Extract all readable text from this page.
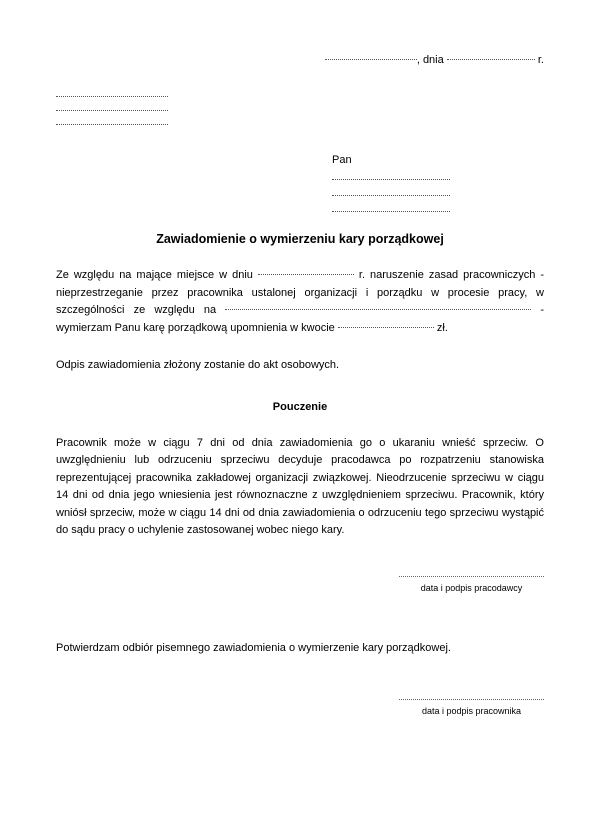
, dnia	r.

Pan

Zawiadomienie o wymierzeniu kary porządkowej
Ze względu na mające miejsce w dniu	r. naruszenie zasad pracowniczych - nieprzestrzeganie przez pracownika ustalonej organizacji i porządku w procesie pracy, w szczególności ze względu na	- wymierzam Panu karę porządkową upomnienia w kwocie	zł.
Odpis zawiadomienia złożony zostanie do akt osobowych.
Pouczenie
Pracownik może w ciągu 7 dni od dnia zawiadomienia go o ukaraniu wnieść sprzeciw. O uwzględnieniu lub odrzuceniu sprzeciwu decyduje pracodawca po rozpatrzeniu stanowiska reprezentującej pracownika zakładowej organizacji związkowej. Nieodrzucenie sprzeciwu w ciągu 14 dni od dnia jego wniesienia jest równoznaczne z uwzględnieniem sprzeciwu. Pracownik, który wniósł sprzeciw, może w ciągu 14 dni od dnia zawiadomienia o odrzuceniu tego sprzeciwu wystąpić do sądu pracy o uchylenie zastosowanej wobec niego kary.

data i podpis pracodawcy
Potwierdzam odbiór pisemnego zawiadomienia o wymierzenie kary porządkowej.

data i podpis pracownika
